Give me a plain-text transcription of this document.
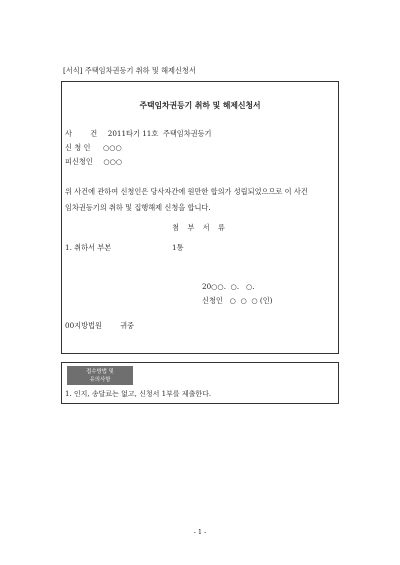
[서식] 주택임차권등기 취하 및 해제신청서
주택임차권등기 취하 및 해제신청서
사        건 2011타기 11호  주택임차권등기
신 청 인 ○○○
피신청인 ○○○
위 사건에 관하여 신청인은 당사자간에 원만한 합의가 성립되었으므로 이 사건
임차권등기의 취하 및 집행해제 신청을 합니다.
첨 부 서 류
1. 취하서 부본	1통
20○○.  ○.   ○.
신청인   ○  ○  ○ (인)
00지방법원        귀중
접수방법 및
유의사항
1. 인지, 송달료는 없고, 신청서 1부를 제출한다.
- 1 -
